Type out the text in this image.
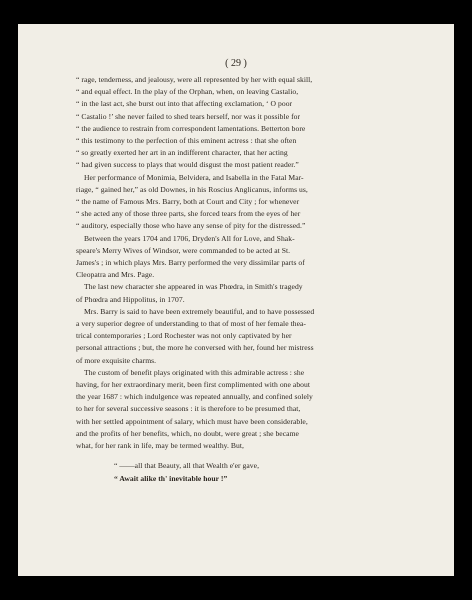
( 29 )
“ rage, tenderness, and jealousy, were all represented by her with equal skill,
“ and equal effect. In the play of the Orphan, when, on leaving Castalio,
“ in the last act, she burst out into that affecting exclamation, ‘ O poor
“ Castalio !’ she never failed to shed tears herself, nor was it possible for
“ the audience to restrain from correspondent lamentations. Betterton bore
“ this testimony to the perfection of this eminent actress : that she often
“ so greatly exerted her art in an indifferent character, that her acting
“ had given success to plays that would disgust the most patient reader.”
Her performance of Monimia, Belvidera, and Isabella in the Fatal Mar-
riage, “ gained her,” as old Downes, in his Roscius Anglicanus, informs us,
“ the name of Famous Mrs. Barry, both at Court and City ; for whenever
“ she acted any of those three parts, she forced tears from the eyes of her
“ auditory, especially those who have any sense of pity for the distressed.”
Between the years 1704 and 1706, Dryden's All for Love, and Shak-
speare's Merry Wives of Windsor, were commanded to be acted at St.
James's ; in which plays Mrs. Barry performed the very dissimilar parts of
Cleopatra and Mrs. Page.
The last new character she appeared in was Phœdra, in Smith's tragedy
of Phœdra and Hippolitus, in 1707.
Mrs. Barry is said to have been extremely beautiful, and to have possessed
a very superior degree of understanding to that of most of her female thea-
trical contemporaries ; Lord Rochester was not only captivated by her
personal attractions ; but, the more he conversed with her, found her mistress
of more exquisite charms.
The custom of benefit plays originated with this admirable actress : she
having, for her extraordinary merit, been first complimented with one about
the year 1687 : which indulgence was repeated annually, and confined solely
to her for several successive seasons : it is therefore to be presumed that,
with her settled appointment of salary, which must have been considerable,
and the profits of her benefits, which, no doubt, were great ; she became
what, for her rank in life, may be termed wealthy. But,
“ ——all that Beauty, all that Wealth e'er gave,
“ Await alike th' inevitable hour !”
